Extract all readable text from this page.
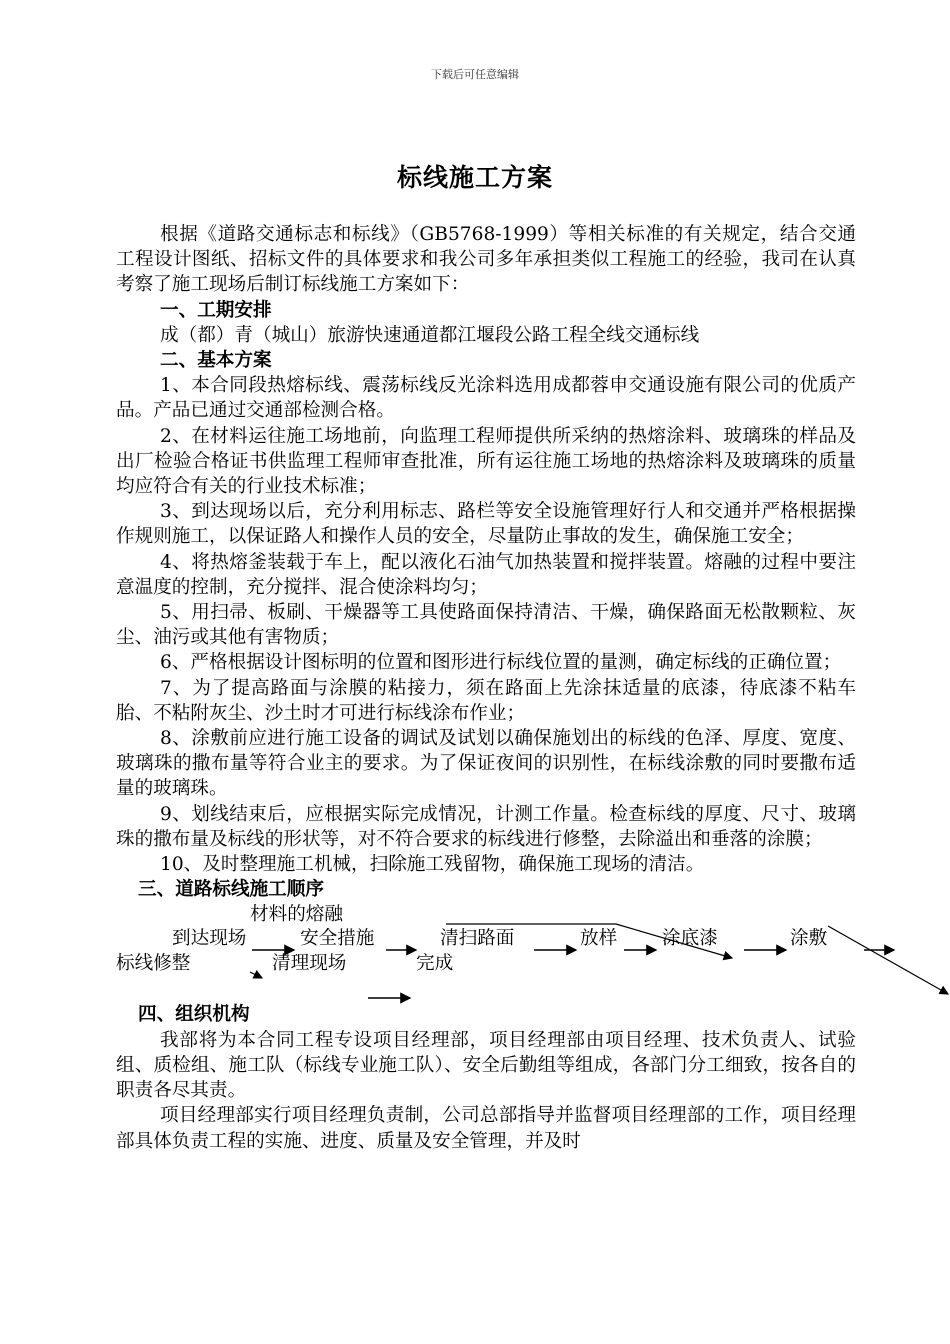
下载后可任意编辑
标线施工方案

根据《道路交通标志和标线》（GB5768-1999）等相关标准的有关规定，结合交通工程设计图纸、招标文件的具体要求和我公司多年承担类似工程施工的经验，我司在认真考察了施工现场后制订标线施工方案如下：

一、工期安排

成（都）青（城山）旅游快速通道都江堰段公路工程全线交通标线

二、基本方案

1、本合同段热熔标线、震荡标线反光涂料选用成都蓉申交通设施有限公司的优质产品。产品已通过交通部检测合格。

2、在材料运往施工场地前，向监理工程师提供所采纳的热熔涂料、玻璃珠的样品及出厂检验合格证书供监理工程师审查批准，所有运往施工场地的热熔涂料及玻璃珠的质量均应符合有关的行业技术标准；

3、到达现场以后，充分利用标志、路栏等安全设施管理好行人和交通并严格根据操作规则施工，以保证路人和操作人员的安全，尽量防止事故的发生，确保施工安全；

4、将热熔釜装载于车上，配以液化石油气加热装置和搅拌装置。熔融的过程中要注意温度的控制，充分搅拌、混合使涂料均匀；

5、用扫帚、板刷、干燥器等工具使路面保持清洁、干燥，确保路面无松散颗粒、灰尘、油污或其他有害物质；

6、严格根据设计图标明的位置和图形进行标线位置的量测，确定标线的正确位置；

7、为了提高路面与涂膜的粘接力，须在路面上先涂抹适量的底漆，待底漆不粘车胎、不粘附灰尘、沙土时才可进行标线涂布作业；

8、涂敷前应进行施工设备的调试及试划以确保施划出的标线的色泽、厚度、宽度、玻璃珠的撒布量等符合业主的要求。为了保证夜间的识别性，在标线涂敷的同时要撒布适量的玻璃珠。

9、划线结束后，应根据实际完成情况，计测工作量。检查标线的厚度、尺寸、玻璃珠的撒布量及标线的形状等，对不符合要求的标线进行修整，去除溢出和垂落的涂膜；

10、及时整理施工机械，扫除施工残留物，确保施工现场的清洁。

三、道路标线施工顺序

材料的熔融
到达现场	安全措施	清扫路面	放样 涂底漆	涂敷
标线修整	清理现场	完成

四、组织机构

我部将为本合同工程专设项目经理部，项目经理部由项目经理、技术负责人、试验组、质检组、施工队（标线专业施工队）、安全后勤组等组成，各部门分工细致，按各自的职责各尽其责。

项目经理部实行项目经理负责制，公司总部指导并监督项目经理部的工作，项目经理部具体负责工程的实施、进度、质量及安全管理，并及时
